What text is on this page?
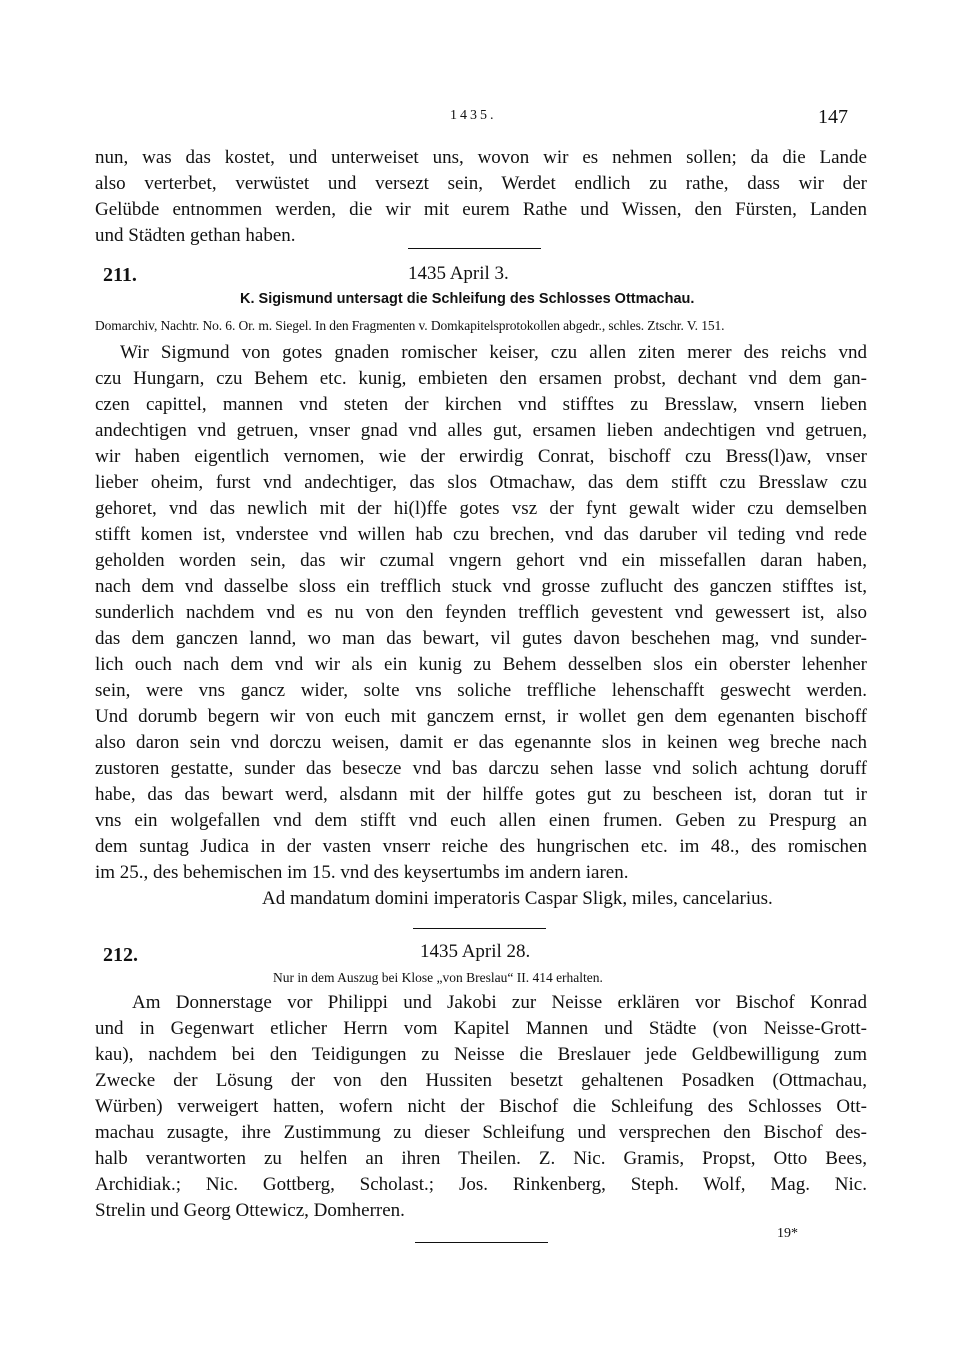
1435.	147
nun, was das kostet, und unterweiset uns, wovon wir es nehmen sollen; da die Lande
also verterbet, verwüstet und versezt sein, Werdet endlich zu rathe, dass wir der
Gelübde entnommen werden, die wir mit eurem Rathe und Wissen, den Fürsten, Landen
und Städten gethan haben.
211.	1435 April 3.
K. Sigismund untersagt die Schleifung des Schlosses Ottmachau.
Domarchiv, Nachtr. No. 6. Or. m. Siegel. In den Fragmenten v. Domkapitelsprotokollen abgedr., schles. Ztschr. V. 151.
Wir Sigmund von gotes gnaden romischer keiser, czu allen ziten merer des reichs vnd
czu Hungarn, czu Behem etc. kunig, embieten den ersamen probst, dechant vnd dem gan-
czen capittel, mannen vnd steten der kirchen vnd stifftes zu Bresslaw, vnsern lieben
andechtigen vnd getruen, vnser gnad vnd alles gut, ersamen lieben andechtigen vnd getruen,
wir haben eigentlich vernomen, wie der erwirdig Conrat, bischoff czu Bress(l)aw, vnser
lieber oheim, furst vnd andechtiger, das slos Otmachaw, das dem stifft czu Bresslaw czu
gehoret, vnd das newlich mit der hi(l)ffe gotes vsz der fynt gewalt wider czu demselben
stifft komen ist, vnderstee vnd willen hab czu brechen, vnd das daruber vil teding vnd rede
geholden worden sein, das wir czumal vngern gehort vnd ein missefallen daran haben,
nach dem vnd dasselbe sloss ein trefflich stuck vnd grosse zuflucht des ganczen stifftes ist,
sunderlich nachdem vnd es nu von den feynden trefflich gevestent vnd gewessert ist, also
das dem ganczen lannd, wo man das bewart, vil gutes davon beschehen mag, vnd sunder-
lich ouch nach dem vnd wir als ein kunig zu Behem desselben slos ein oberster lehenher
sein, were vns gancz wider, solte vns soliche treffliche lehenschafft geswecht werden.
Und dorumb begern wir von euch mit ganczem ernst, ir wollet gen dem egenanten bischoff
also daron sein vnd dorczu weisen, damit er das egenannte slos in keinen weg breche nach
zustoren gestatte, sunder das besecze vnd bas darczu sehen lasse vnd solich achtung doruff
habe, das das bewart werd, alsdann mit der hilffe gotes gut zu bescheen ist, doran tut ir
vns ein wolgefallen vnd dem stifft vnd euch allen einen frumen. Geben zu Prespurg an
dem suntag Judica in der vasten vnserr reiche des hungrischen etc. im 48., des romischen
im 25., des behemischen im 15. vnd des keysertumbs im andern iaren.
Ad mandatum domini imperatoris Caspar Sligk, miles, cancelarius.
212.	1435 April 28.
Nur in dem Auszug bei Klose „von Breslau“ II. 414 erhalten.
Am Donnerstage vor Philippi und Jakobi zur Neisse erklären vor Bischof Konrad
und in Gegenwart etlicher Herrn vom Kapitel Mannen und Städte (von Neisse-Grott-
kau), nachdem bei den Teidigungen zu Neisse die Breslauer jede Geldbewilligung zum
Zwecke der Lösung der von den Hussiten besetzt gehaltenen Posadken (Ottmachau,
Würben) verweigert hatten, wofern nicht der Bischof die Schleifung des Schlosses Ott-
machau zusagte, ihre Zustimmung zu dieser Schleifung und versprechen den Bischof des-
halb verantworten zu helfen an ihren Theilen. Z. Nic. Gramis, Propst, Otto Bees,
Archidiak.; Nic. Gottberg, Scholast.; Jos. Rinkenberg, Steph. Wolf, Mag. Nic.
Strelin und Georg Ottewicz, Domherren.
19*
